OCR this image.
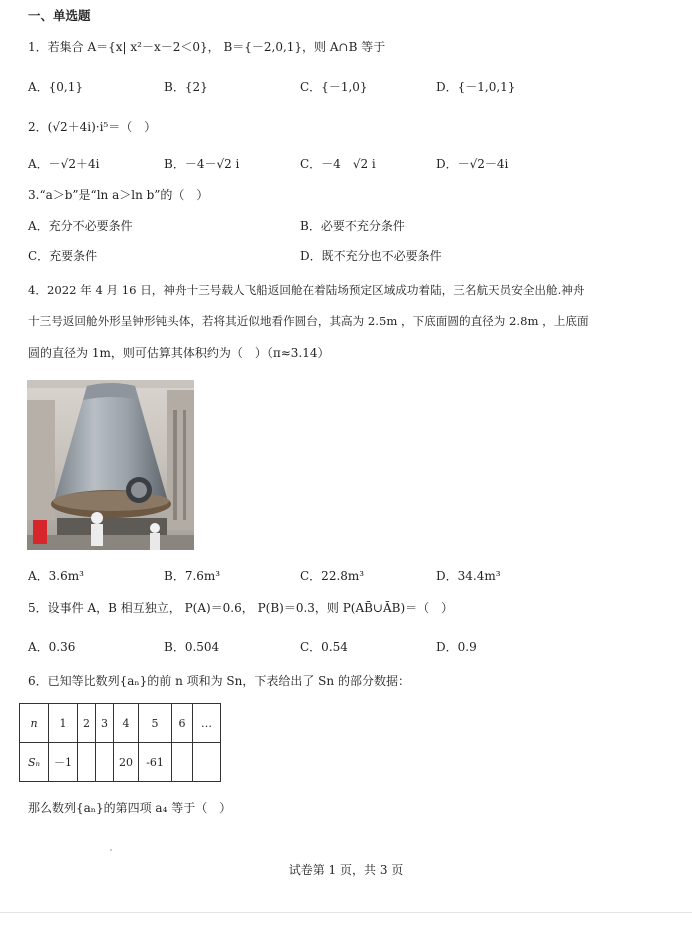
一、单选题
1．若集合 A＝{x| x²－x－2＜0}， B＝{－2,0,1}，则 A∩B 等于
A．{0,1}	B．{2}	C．{－1,0}	D．{－1,0,1}
2．(√2＋4i)·i⁵＝（　）
A．－√2＋4i	B．－4－√2 i	C．－4　√2 i	D．－√2－4i
3.“a＞b”是“ln a＞ln b”的（　）
A．充分不必要条件	B．必要不充分条件
C．充要条件	D．既不充分也不必要条件
4．2022 年 4 月 16 日，神舟十三号载人飞船返回舱在着陆场预定区域成功着陆，三名航天员安全出舱.神舟
十三号返回舱外形呈钟形钝头体，若将其近似地看作圆台，其高为 2.5m ，下底面圆的直径为 2.8m ，上底面
圆的直径为 1m，则可估算其体积约为（　）（π≈3.14）
A．3.6m³	B．7.6m³	C．22.8m³	D．34.4m³
5．设事件 A，B 相互独立， P(A)＝0.6， P(B)＝0.3，则 P(AB̄∪ĀB)＝（　）
A．0.36	B．0.504	C．0.54	D．0.9
6．已知等比数列{aₙ}的前 n 项和为 Sn，下表给出了 Sn 的部分数据：
n	1	2	3	4	5	6	…
Sₙ	－1			20	-61		
那么数列{aₙ}的第四项 a₄ 等于（　）
试卷第 1 页，共 3 页
